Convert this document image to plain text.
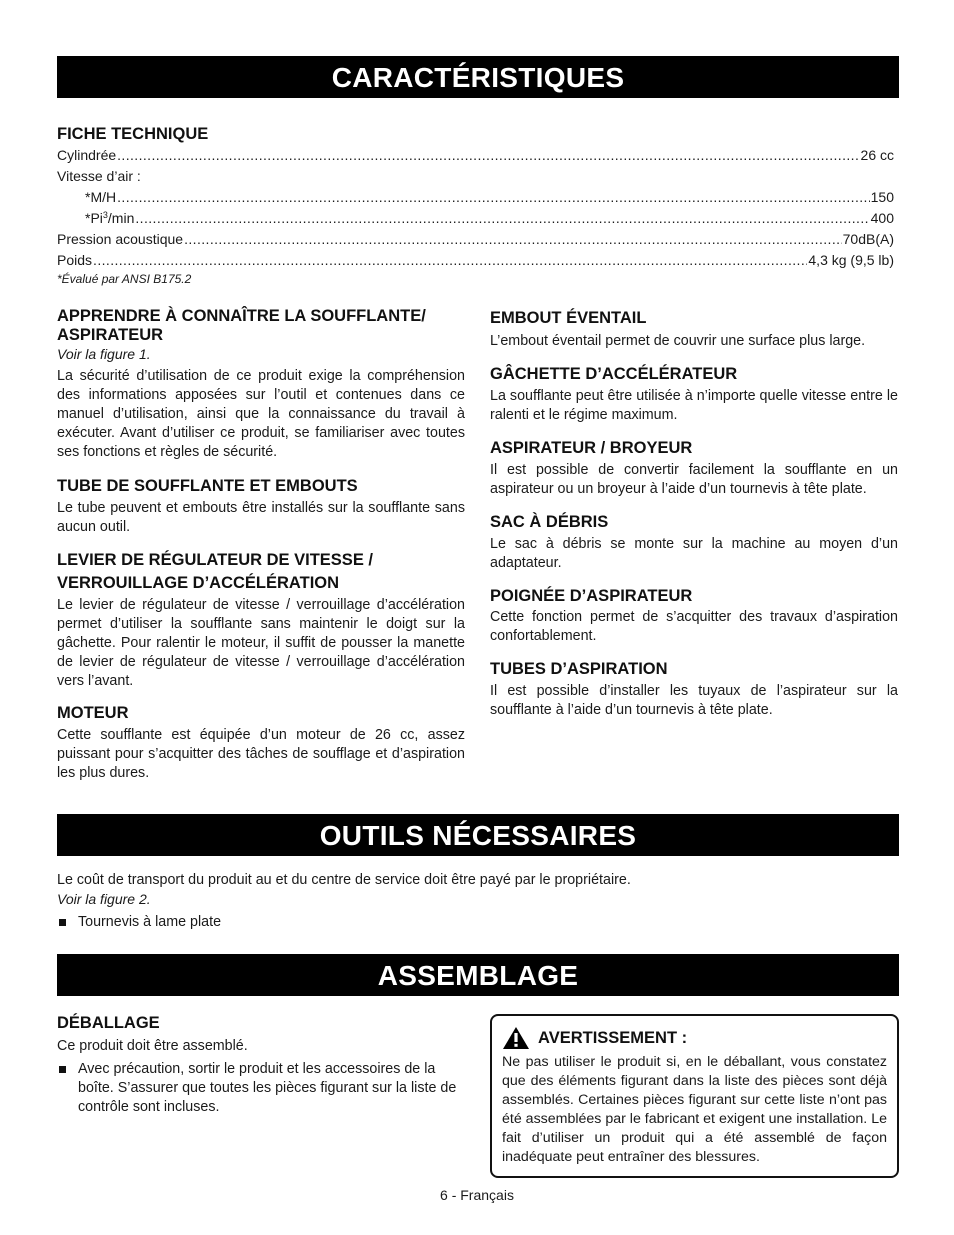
CARACTÉRISTIQUES
FICHE TECHNIQUE
Cylindrée .....	26 cc
Vitesse d’air :
*M/H .....	150
*Pi$^3$/min .....	400
Pression acoustique .....	70dB(A)
Poids .....	4,3 kg (9,5 lb)
*Évalué par ANSI B175.2
APPRENDRE À CONNAÎTRE LA SOUFFLANTE/ ASPIRATEUR
Voir la figure 1.
La sécurité d’utilisation de ce produit exige la compréhension des informations apposées sur l’outil et contenues dans ce manuel d’utilisation, ainsi que la connaissance du travail à exécuter. Avant d’utiliser ce produit, se familiariser avec toutes ses fonctions et règles de sécurité.
TUBE DE SOUFFLANTE ET EMBOUTS
Le tube peuvent et embouts être installés sur la soufflante sans aucun outil.
LEVIER DE RÉGULATEUR DE VITESSE / VERROUILLAGE D’ACCÉLÉRATION
Le levier de régulateur de vitesse / verrouillage d’accélération permet d’utiliser la soufflante sans maintenir le doigt sur la gâchette. Pour ralentir le moteur, il suffit de pousser la manette de levier de régulateur de vitesse / verrouillage d’accélération vers l’avant.
MOTEUR
Cette soufflante est équipée d’un moteur de 26 cc, assez puissant pour s’acquitter des tâches de soufflage et d’aspiration les plus dures.
EMBOUT ÉVENTAIL
L’embout éventail permet de couvrir une surface plus large.
GÂCHETTE D’ACCÉLÉRATEUR
La soufflante peut être utilisée à n’importe quelle vitesse entre le ralenti et le régime maximum.
ASPIRATEUR / BROYEUR
Il est possible de convertir facilement la soufflante en un aspirateur ou un broyeur à l’aide d’un tournevis à tête plate.
SAC À DÉBRIS
Le sac à débris se monte sur la machine au moyen d’un adaptateur.
POIGNÉE D’ASPIRATEUR
Cette fonction permet de s’acquitter des travaux d’aspiration confortablement.
TUBES D’ASPIRATION
Il est possible d’installer les tuyaux de l’aspirateur sur la soufflante à l’aide d’un tournevis à tête plate.
OUTILS NÉCESSAIRES
Le coût de transport du produit au et du centre de service doit être payé par le propriétaire.
Voir la figure 2.
Tournevis à lame plate
ASSEMBLAGE
DÉBALLAGE
Ce produit doit être assemblé.
Avec précaution, sortir le produit et les accessoires de la boîte. S’assurer que toutes les pièces figurant sur la liste de contrôle sont incluses.
AVERTISSEMENT :
Ne pas utiliser le produit si, en le déballant, vous constatez que des éléments figurant dans la liste des pièces sont déjà assemblés. Certaines pièces figurant sur cette liste n’ont pas été assemblées par le fabricant et exigent une installation. Le fait d’utiliser un produit qui a été assemblé de façon inadéquate peut entraîner des blessures.
6 - Français
